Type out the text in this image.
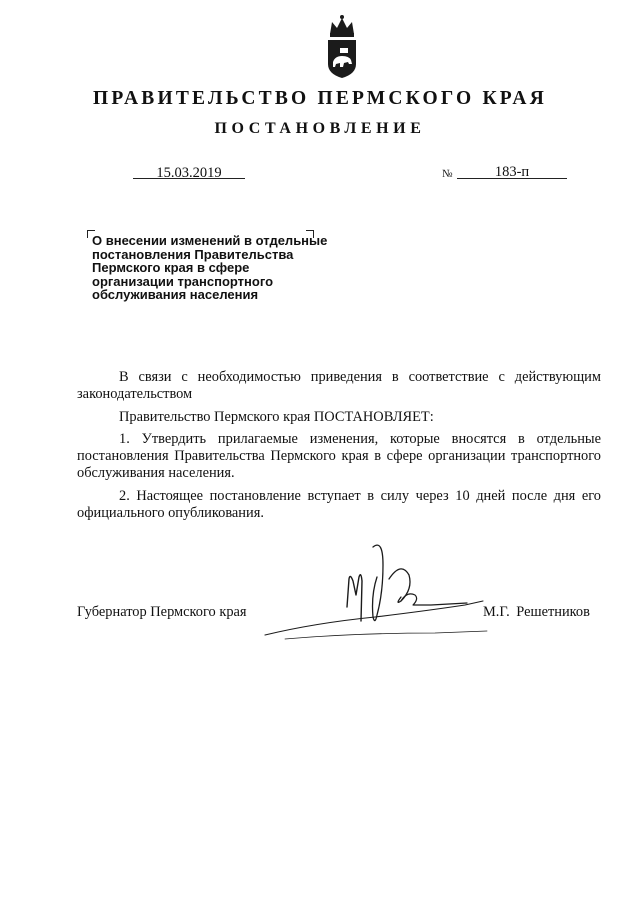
ПРАВИТЕЛЬСТВО ПЕРМСКОГО КРАЯ
ПОСТАНОВЛЕНИЕ
15.03.2019	№	183-п
О внесении изменений в отдельные
постановления Правительства
Пермского края в сфере
организации транспортного
обслуживания населения

В связи с необходимостью приведения в соответствие с действующим законодательством

Правительство Пермского края ПОСТАНОВЛЯЕТ:

1. Утвердить прилагаемые изменения, которые вносятся в отдельные постановления Правительства Пермского края в сфере организации транспортного обслуживания населения.

2. Настоящее постановление вступает в силу через 10 дней после дня его официального опубликования.

Губернатор Пермского края	М.Г. Решетников
